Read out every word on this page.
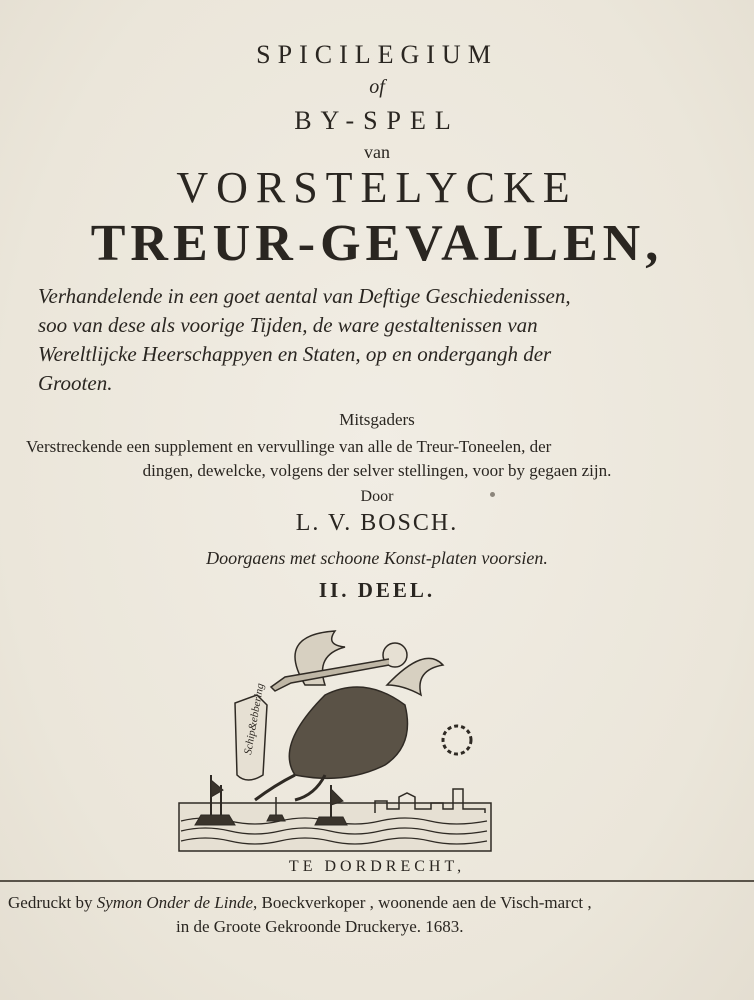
SPICILEGIUM
of
BY-SPEL
van
VORSTELYCKE
TREUR-GEVALLEN,
Verhandelende in een goet aental van Deftige Geschiedenissen,
soo van dese als voorige Tijden, de ware gestaltenissen van
Wereltlijcke Heerschappyen en Staten, op en ondergangh der
Grooten.
Mitsgaders
Verstreckende een supplement en vervullinge van alle de Treur-Toneelen, der
dingen, dewelcke, volgens der selver stellingen, voor by gegaen zijn.
Door
L. V. BOSCH.
Doorgaens met schoone Konst-platen voorsien.
II. DEEL.
Schip&ebbering
TE DORDRECHT,
Gedruckt by Symon Onder de Linde, Boeckverkoper , woonende aen de Visch-marct ,
in de Groote Gekroonde Druckerye. 1683.
